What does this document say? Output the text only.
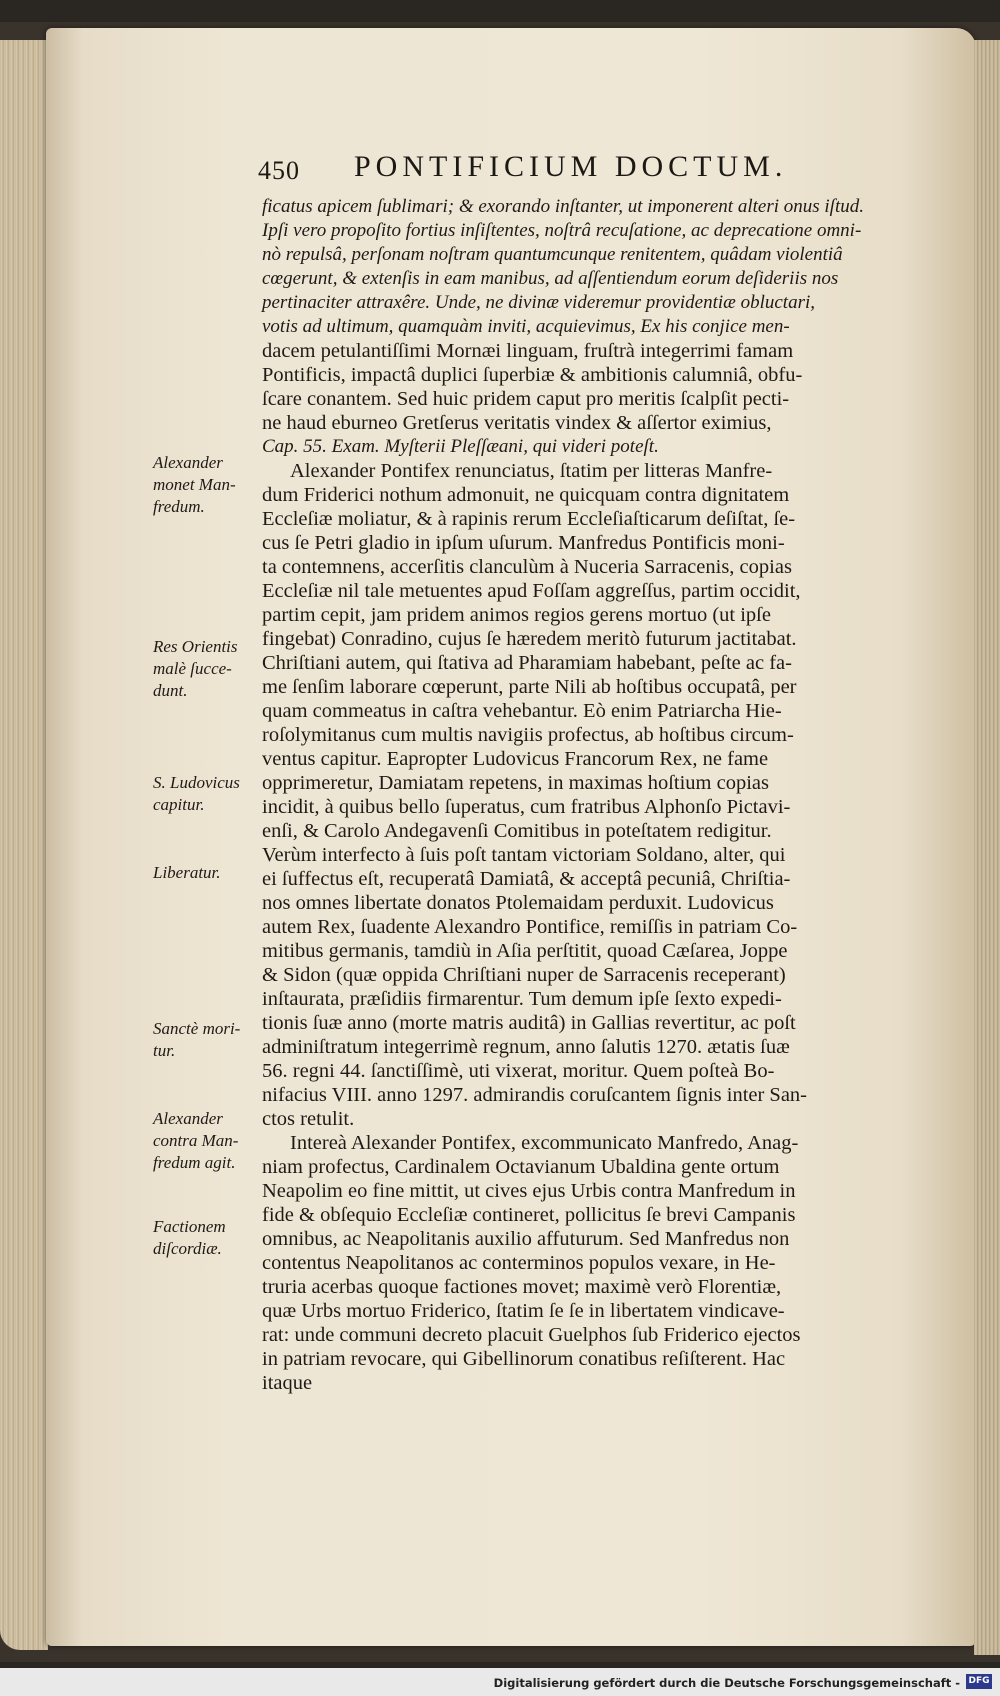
450 PONTIFICIUM DOCTUM.
Alexander
monet Man-
fredum.
Res Orientis
malè ſucce-
dunt.
S. Ludovicus
capitur.
Liberatur.
Sanctè mori-
tur.
Alexander
contra Man-
fredum agit.
Factionem
diſcordiæ.
ficatus apicem ſublimari; & exorando inſtanter, ut imponerent alteri onus iſtud.
Ipſi vero propoſito fortius inſiſtentes, noſtrâ recuſatione, ac deprecatione omni-
nò repulsâ, perſonam noſtram quantumcunque renitentem, quâdam violentiâ
cœgerunt, & extenſis in eam manibus, ad aſſentiendum eorum deſideriis nos
pertinaciter attraxêre. Unde, ne divinæ videremur providentiæ obluctari,
votis ad ultimum, quamquàm inviti, acquievimus, Ex his conjice men-
dacem petulantiſſimi Mornæi linguam, fruſtrà integerrimi famam
Pontificis, impactâ duplici ſuperbiæ & ambitionis calumniâ, obfu-
ſcare conantem. Sed huic pridem caput pro meritis ſcalpſit pecti-
ne haud eburneo Gretſerus veritatis vindex & aſſertor eximius,
Cap. 55. Exam. Myſterii Pleſſæani, qui videri poteſt.
Alexander Pontifex renunciatus, ſtatim per litteras Manfre-
dum Friderici nothum admonuit, ne quicquam contra dignitatem
Eccleſiæ moliatur, & à rapinis rerum Eccleſiaſticarum deſiſtat, ſe-
cus ſe Petri gladio in ipſum uſurum. Manfredus Pontificis moni-
ta contemnens, accerſitis clanculùm à Nuceria Sarracenis, copias
Eccleſiæ nil tale metuentes apud Foſſam aggreſſus, partim occidit,
partim cepit, jam pridem animos regios gerens mortuo (ut ipſe
fingebat) Conradino, cujus ſe hæredem meritò futurum jactitabat.
Chriſtiani autem, qui ſtativa ad Pharamiam habebant, peſte ac fa-
me ſenſim laborare cœperunt, parte Nili ab hoſtibus occupatâ, per
quam commeatus in caſtra vehebantur. Eò enim Patriarcha Hie-
roſolymitanus cum multis navigiis profectus, ab hoſtibus circum-
ventus capitur. Eapropter Ludovicus Francorum Rex, ne fame
opprimeretur, Damiatam repetens, in maximas hoſtium copias
incidit, à quibus bello ſuperatus, cum fratribus Alphonſo Pictavi-
enſi, & Carolo Andegavenſi Comitibus in poteſtatem redigitur.
Verùm interfecto à ſuis poſt tantam victoriam Soldano, alter, qui
ei ſuffectus eſt, recuperatâ Damiatâ, & acceptâ pecuniâ, Chriſtia-
nos omnes libertate donatos Ptolemaidam perduxit. Ludovicus
autem Rex, ſuadente Alexandro Pontifice, remiſſis in patriam Co-
mitibus germanis, tamdiù in Aſia perſtitit, quoad Cæſarea, Joppe
& Sidon (quæ oppida Chriſtiani nuper de Sarracenis receperant)
inſtaurata, præſidiis firmarentur. Tum demum ipſe ſexto expedi-
tionis ſuæ anno (morte matris auditâ) in Gallias revertitur, ac poſt
adminiſtratum integerrimè regnum, anno ſalutis 1270. ætatis ſuæ
56. regni 44. ſanctiſſimè, uti vixerat, moritur. Quem poſteà Bo-
nifacius VIII. anno 1297. admirandis coruſcantem ſignis inter San-
ctos retulit.
Intereà Alexander Pontifex, excommunicato Manfredo, Anag-
niam profectus, Cardinalem Octavianum Ubaldina gente ortum
Neapolim eo fine mittit, ut cives ejus Urbis contra Manfredum in
fide & obſequio Eccleſiæ contineret, pollicitus ſe brevi Campanis
omnibus, ac Neapolitanis auxilio affuturum. Sed Manfredus non
contentus Neapolitanos ac conterminos populos vexare, in He-
truria acerbas quoque factiones movet; maximè verò Florentiæ,
quæ Urbs mortuo Friderico, ſtatim ſe ſe in libertatem vindicave-
rat: unde communi decreto placuit Guelphos ſub Friderico ejectos
in patriam revocare, qui Gibellinorum conatibus reſiſterent. Hac
itaque
Digitalisierung gefördert durch die Deutsche Forschungsgemeinschaft - DFG
